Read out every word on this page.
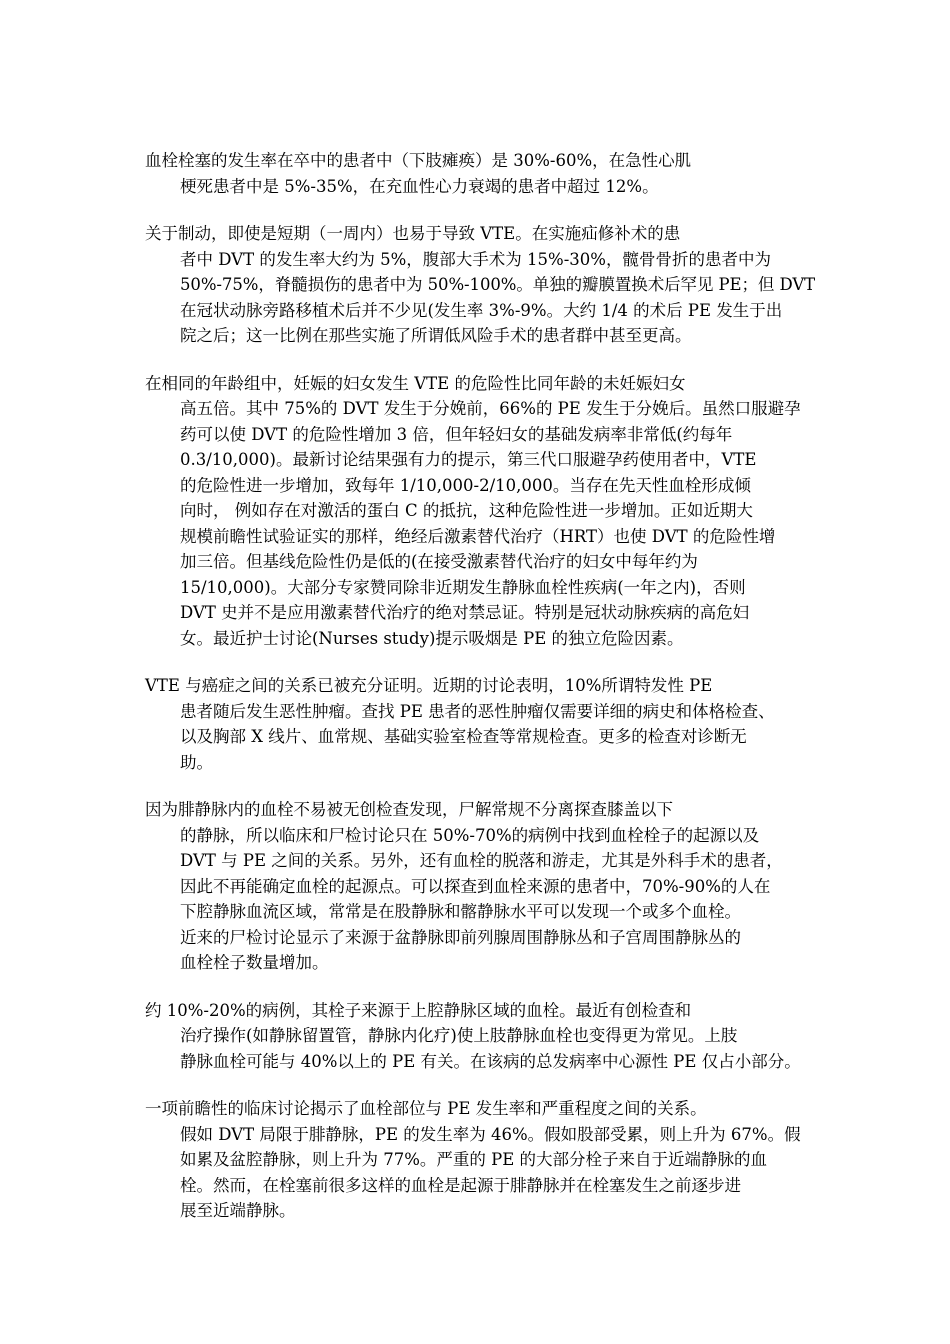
血栓栓塞的发生率在卒中的患者中（下肢瘫痪）是 30%-60%，在急性心肌
梗死患者中是 5%-35%，在充血性心力衰竭的患者中超过 12%。

关于制动，即使是短期（一周内）也易于导致 VTE。在实施疝修补术的患
者中 DVT 的发生率大约为 5%，腹部大手术为 15%-30%，髋骨骨折的患者中为
50%-75%，脊髓损伤的患者中为 50%-100%。单独的瓣膜置换术后罕见 PE；但 DVT
在冠状动脉旁路移植术后并不少见(发生率 3%-9%。大约 1/4 的术后 PE 发生于出
院之后；这一比例在那些实施了所谓低风险手术的患者群中甚至更高。

在相同的年龄组中，妊娠的妇女发生 VTE 的危险性比同年龄的未妊娠妇女
高五倍。其中 75%的 DVT 发生于分娩前，66%的 PE 发生于分娩后。虽然口服避孕
药可以使 DVT 的危险性增加 3 倍，但年轻妇女的基础发病率非常低(约每年
0.3/10,000)。最新讨论结果强有力的提示，第三代口服避孕药使用者中，VTE
的危险性进一步增加，致每年 1/10,000-2/10,000。当存在先天性血栓形成倾
向时， 例如存在对激活的蛋白 C 的抵抗，这种危险性进一步增加。正如近期大
规模前瞻性试验证实的那样，绝经后激素替代治疗（HRT）也使 DVT 的危险性增
加三倍。但基线危险性仍是低的(在接受激素替代治疗的妇女中每年约为
15/10,000)。大部分专家赞同除非近期发生静脉血栓性疾病(一年之内)，否则
DVT 史并不是应用激素替代治疗的绝对禁忌证。特别是冠状动脉疾病的高危妇
女。最近护士讨论(Nurses study)提示吸烟是 PE 的独立危险因素。

VTE 与癌症之间的关系已被充分证明。近期的讨论表明，10%所谓特发性 PE
患者随后发生恶性肿瘤。查找 PE 患者的恶性肿瘤仅需要详细的病史和体格检查、
以及胸部 X 线片、血常规、基础实验室检查等常规检查。更多的检查对诊断无
助。

因为腓静脉内的血栓不易被无创检查发现，尸解常规不分离探查膝盖以下
的静脉，所以临床和尸检讨论只在 50%-70%的病例中找到血栓栓子的起源以及
DVT 与 PE 之间的关系。另外，还有血栓的脱落和游走，尤其是外科手术的患者，
因此不再能确定血栓的起源点。可以探查到血栓来源的患者中，70%-90%的人在
下腔静脉血流区域，常常是在股静脉和髂静脉水平可以发现一个或多个血栓。
近来的尸检讨论显示了来源于盆静脉即前列腺周围静脉丛和子宫周围静脉丛的
血栓栓子数量增加。

约 10%-20%的病例，其栓子来源于上腔静脉区域的血栓。最近有创检查和
治疗操作(如静脉留置管，静脉内化疗)使上肢静脉血栓也变得更为常见。上肢
静脉血栓可能与 40%以上的 PE 有关。在该病的总发病率中心源性 PE 仅占小部分。

一项前瞻性的临床讨论揭示了血栓部位与 PE 发生率和严重程度之间的关系。
假如 DVT 局限于腓静脉，PE 的发生率为 46%。假如股部受累，则上升为 67%。假
如累及盆腔静脉，则上升为 77%。严重的 PE 的大部分栓子来自于近端静脉的血
栓。然而，在栓塞前很多这样的血栓是起源于腓静脉并在栓塞发生之前逐步进
展至近端静脉。
